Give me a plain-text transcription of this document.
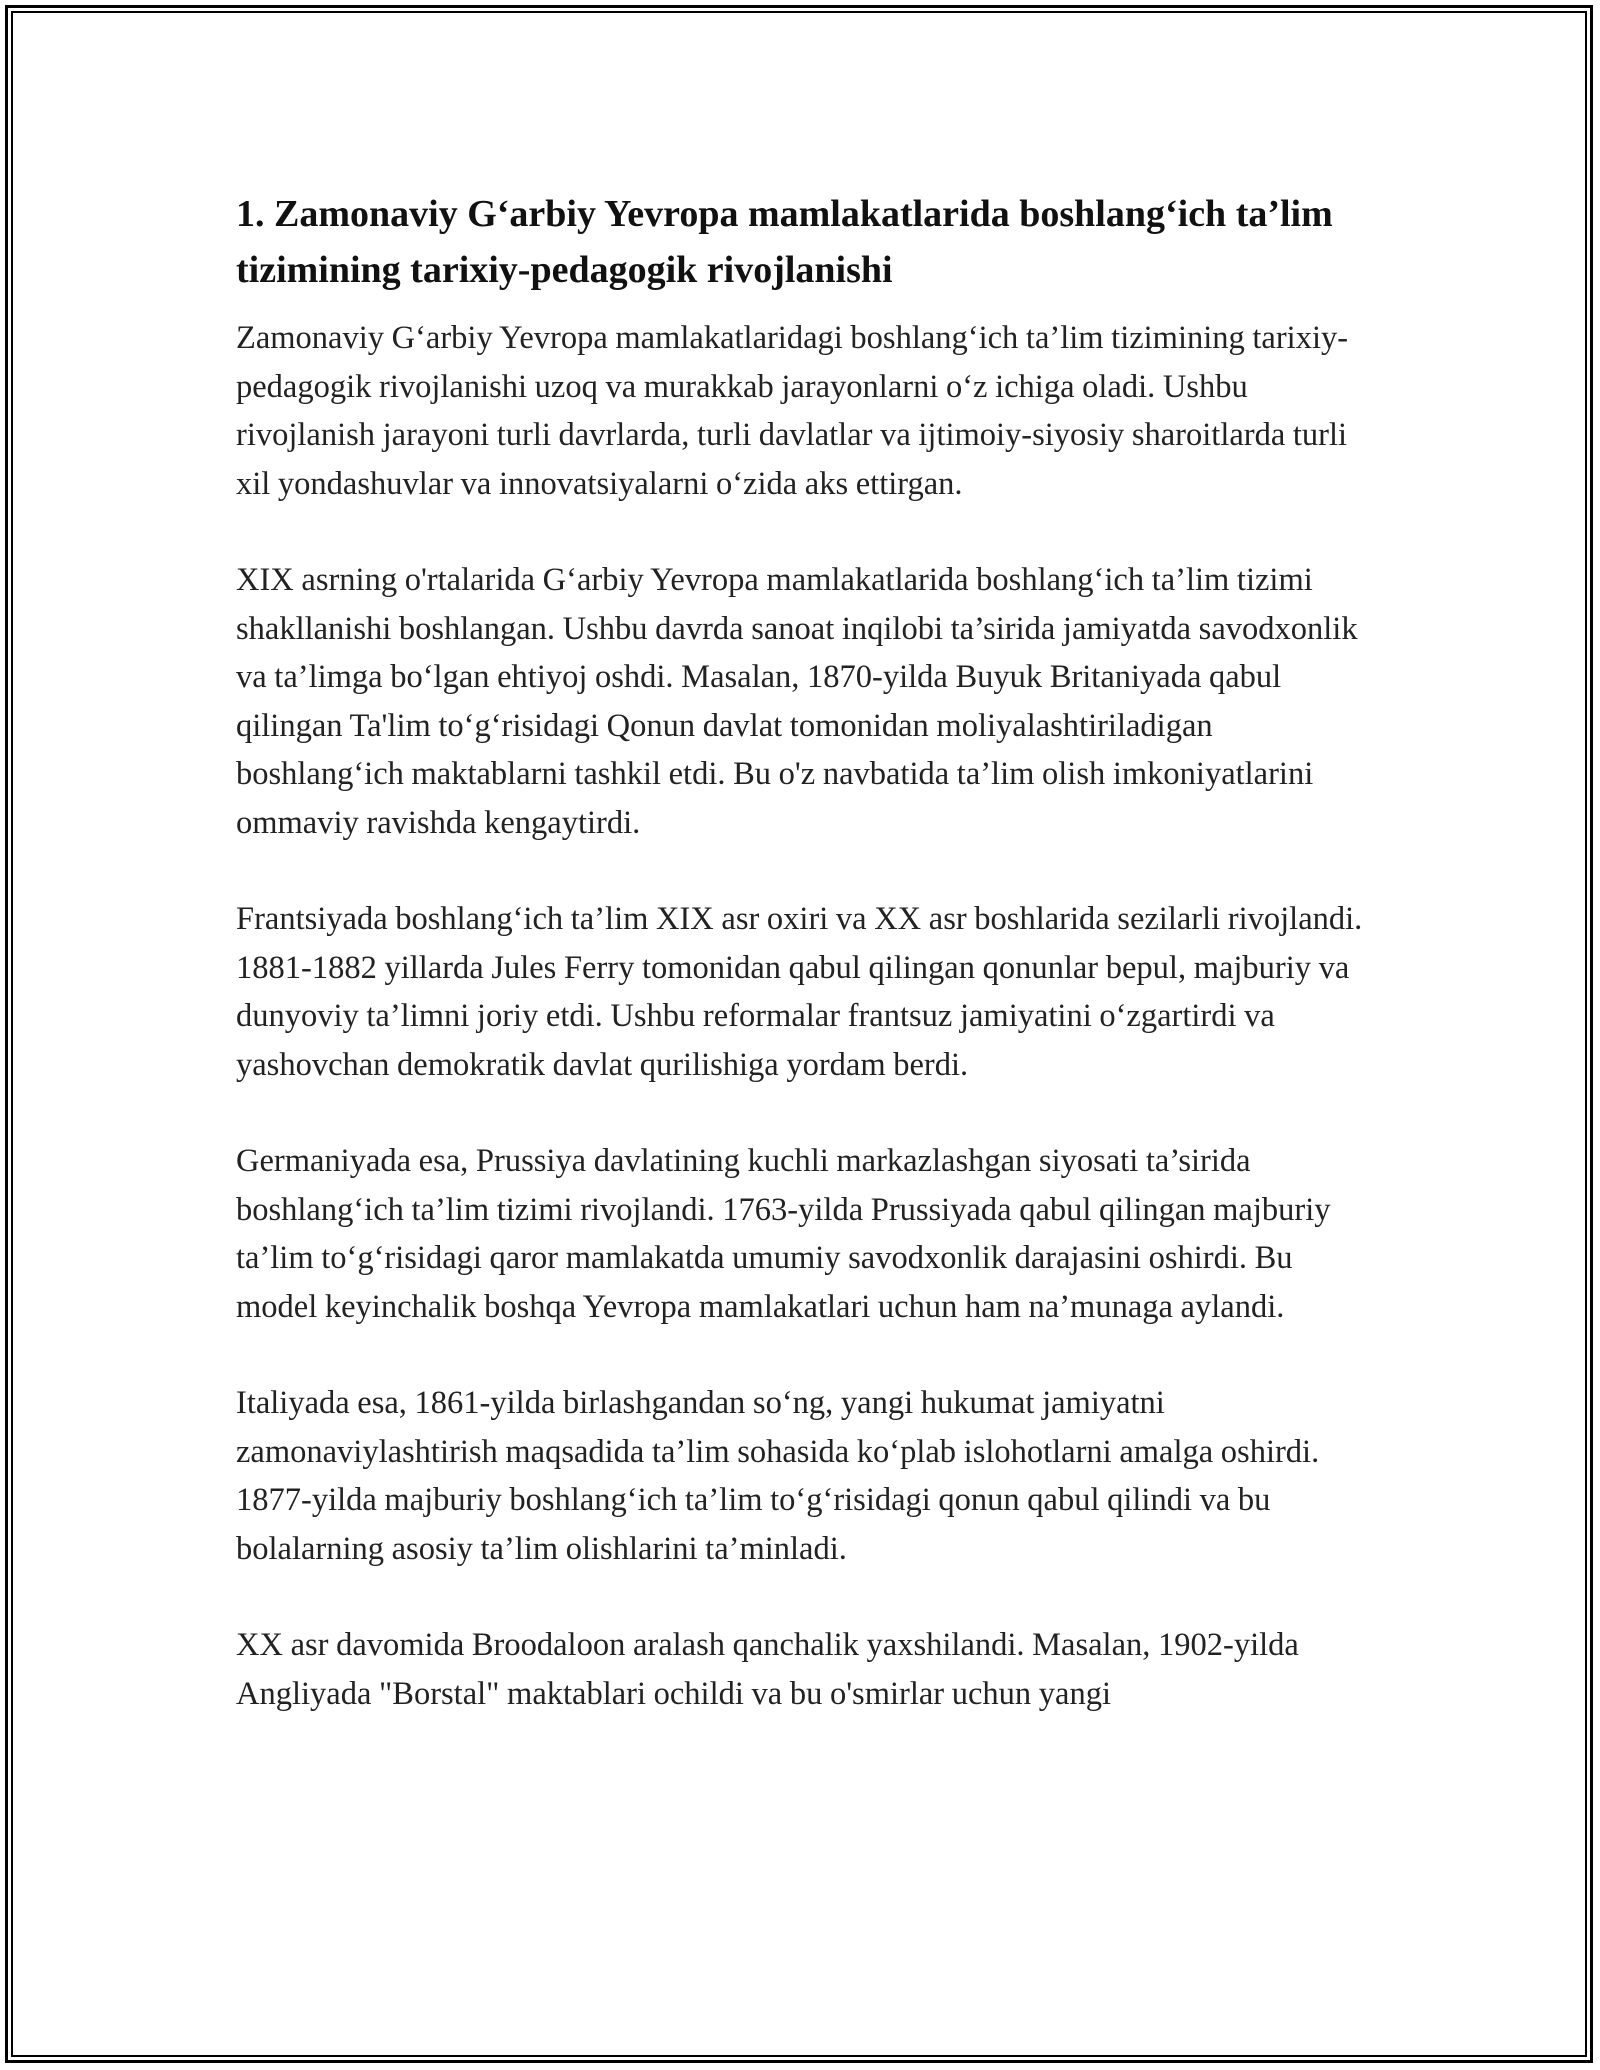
1. Zamonaviy G‘arbiy Yevropa mamlakatlarida boshlang‘ich ta’lim tizimining tarixiy-pedagogik rivojlanishi

Zamonaviy G‘arbiy Yevropa mamlakatlaridagi boshlang‘ich ta’lim tizimining tarixiy-pedagogik rivojlanishi uzoq va murakkab jarayonlarni o‘z ichiga oladi. Ushbu rivojlanish jarayoni turli davrlarda, turli davlatlar va ijtimoiy-siyosiy sharoitlarda turli xil yondashuvlar va innovatsiyalarni o‘zida aks ettirgan.

XIX asrning o'rtalarida G‘arbiy Yevropa mamlakatlarida boshlang‘ich ta’lim tizimi shakllanishi boshlangan. Ushbu davrda sanoat inqilobi ta’sirida jamiyatda savodxonlik va ta’limga bo‘lgan ehtiyoj oshdi. Masalan, 1870-yilda Buyuk Britaniyada qabul qilingan Ta'lim to‘g‘risidagi Qonun davlat tomonidan moliyalashtiriladigan boshlang‘ich maktablarni tashkil etdi. Bu o'z navbatida ta’lim olish imkoniyatlarini ommaviy ravishda kengaytirdi.

Frantsiyada boshlang‘ich ta’lim XIX asr oxiri va XX asr boshlarida sezilarli rivojlandi. 1881-1882 yillarda Jules Ferry tomonidan qabul qilingan qonunlar bepul, majburiy va dunyoviy ta’limni joriy etdi. Ushbu reformalar frantsuz jamiyatini o‘zgartirdi va yashovchan demokratik davlat qurilishiga yordam berdi.

Germaniyada esa, Prussiya davlatining kuchli markazlashgan siyosati ta’sirida boshlang‘ich ta’lim tizimi rivojlandi. 1763-yilda Prussiyada qabul qilingan majburiy ta’lim to‘g‘risidagi qaror mamlakatda umumiy savodxonlik darajasini oshirdi. Bu model keyinchalik boshqa Yevropa mamlakatlari uchun ham na’munaga aylandi.

Italiyada esa, 1861-yilda birlashgandan so‘ng, yangi hukumat jamiyatni zamonaviylashtirish maqsadida ta’lim sohasida ko‘plab islohotlarni amalga oshirdi. 1877-yilda majburiy boshlang‘ich ta’lim to‘g‘risidagi qonun qabul qilindi va bu bolalarning asosiy ta’lim olishlarini ta’minladi.

XX asr davomida Broodaloon aralash qanchalik yaxshilandi. Masalan, 1902-yilda Angliyada "Borstal" maktablari ochildi va bu o'smirlar uchun yangi
